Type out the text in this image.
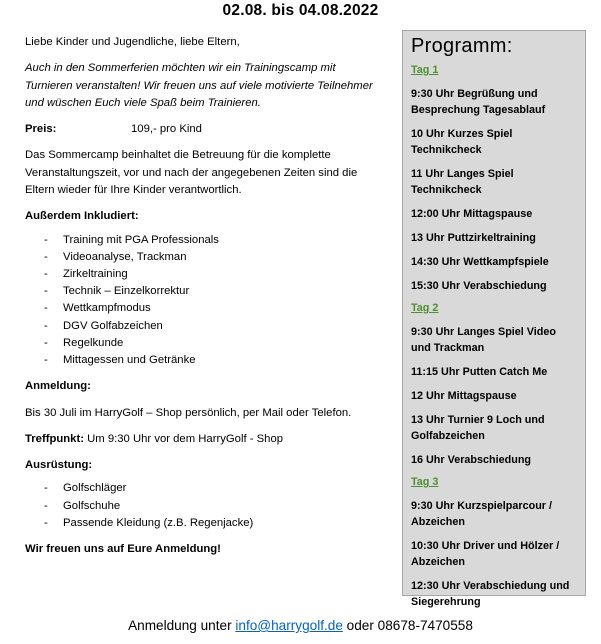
02.08. bis 04.08.2022

Liebe Kinder und Jugendliche, liebe Eltern,

Auch in den Sommerferien möchten wir ein Trainingscamp mit Turnieren veranstalten! Wir freuen uns auf viele motivierte Teilnehmer und wüschen Euch viele Spaß beim Trainieren.

Preis:	109,- pro Kind

Das Sommercamp beinhaltet die Betreuung für die komplette Veranstaltungszeit, vor und nach der angegebenen Zeiten sind die Eltern wieder für Ihre Kinder verantwortlich.

Außerdem Inkludiert:

-	Training mit PGA Professionals
-	Videoanalyse, Trackman
-	Zirkeltraining
-	Technik – Einzelkorrektur
-	Wettkampfmodus
-	DGV Golfabzeichen
-	Regelkunde
-	Mittagessen und Getränke

Anmeldung:

Bis 30 Juli im HarryGolf – Shop persönlich, per Mail oder Telefon.

Treffpunkt: Um 9:30 Uhr vor dem HarryGolf - Shop

Ausrüstung:

-	Golfschläger
-	Golfschuhe
-	Passende Kleidung (z.B. Regenjacke)

Wir freuen uns auf Eure Anmeldung!

Programm:
Tag 1
9:30 Uhr Begrüßung und Besprechung Tagesablauf
10 Uhr Kurzes Spiel Technikcheck
11 Uhr Langes Spiel Technikcheck
12:00 Uhr Mittagspause
13 Uhr Puttzirkeltraining
14:30 Uhr Wettkampfspiele
15:30 Uhr Verabschiedung
Tag 2
9:30 Uhr Langes Spiel Video und Trackman
11:15 Uhr Putten Catch Me
12 Uhr Mittagspause
13 Uhr Turnier 9 Loch und Golfabzeichen
16 Uhr Verabschiedung
Tag 3
9:30 Uhr Kurzspielparcour / Abzeichen
10:30 Uhr Driver und Hölzer / Abzeichen
12:30 Uhr Verabschiedung und Siegerehrung
Anmeldung unter info@harrygolf.de oder 08678-7470558
